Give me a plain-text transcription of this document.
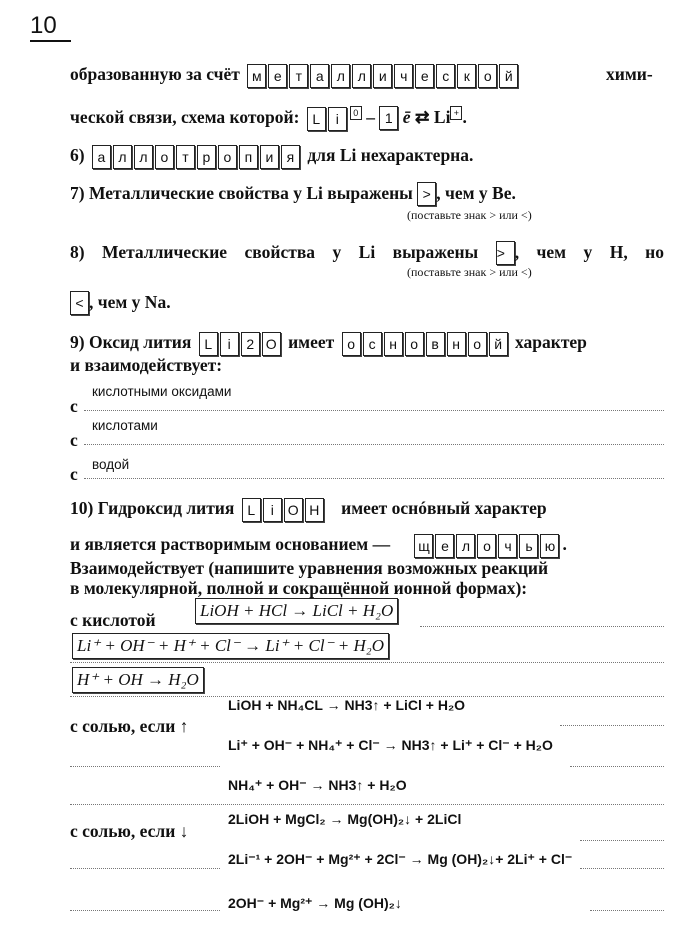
10
образованную за счёт м е т а л л и ч е с	к	о й	хими-
ческой связи, схема которой: L	i	0 – 1 ē ⇄ Li + .
6) а л л о т р о п и я для Li нехарактерна.
7) Металлические свойства у Li выражены > , чем у Be.
(поставьте знак > или <)
8) Металлические свойства у Li выражены > , чем у H, но
(поставьте знак > или <)
< , чем у Na.
9) Оксид лития L	i	2 O имеет о с н о в н о й характер
и взаимодействует:
с
кислотными оксидами
с
кислотами
с водой
10) Гидроксид лития L	i O H имеет оснóвный характер
и является растворимым основанием — щ е л о ч ь ю .
Взаимодействует (напишите уравнения возможных реакций
в молекулярной, полной и сокращённой ионной формах):
с кислотой	LiOH + HCl → LiCl + H₂O
Li⁺ + OH⁻ + H⁺ + Cl⁻ → Li⁺ + Cl⁻ + H₂O
H⁺ + OH → H₂O
LiOH + NH₄CL → NH3↑ + LiCl + H₂O
с солью, если ↑
Li⁺ + OH⁻ + NH₄⁺ + Cl⁻ → NH3↑ + Li⁺ + Cl⁻ + H₂O
NH₄⁺ + OH⁻ → NH3↑ + H₂O
2LiOH + MgCl₂ → Mg(OH)₂↓ + 2LiCl
с солью, если ↓
2Li⁻¹ + 2OH⁻ + Mg²⁺ + 2Cl⁻ → Mg (OH)₂↓+ 2Li⁺ + Cl⁻
2OH⁻ + Mg²⁺ → Mg (OH)₂↓
